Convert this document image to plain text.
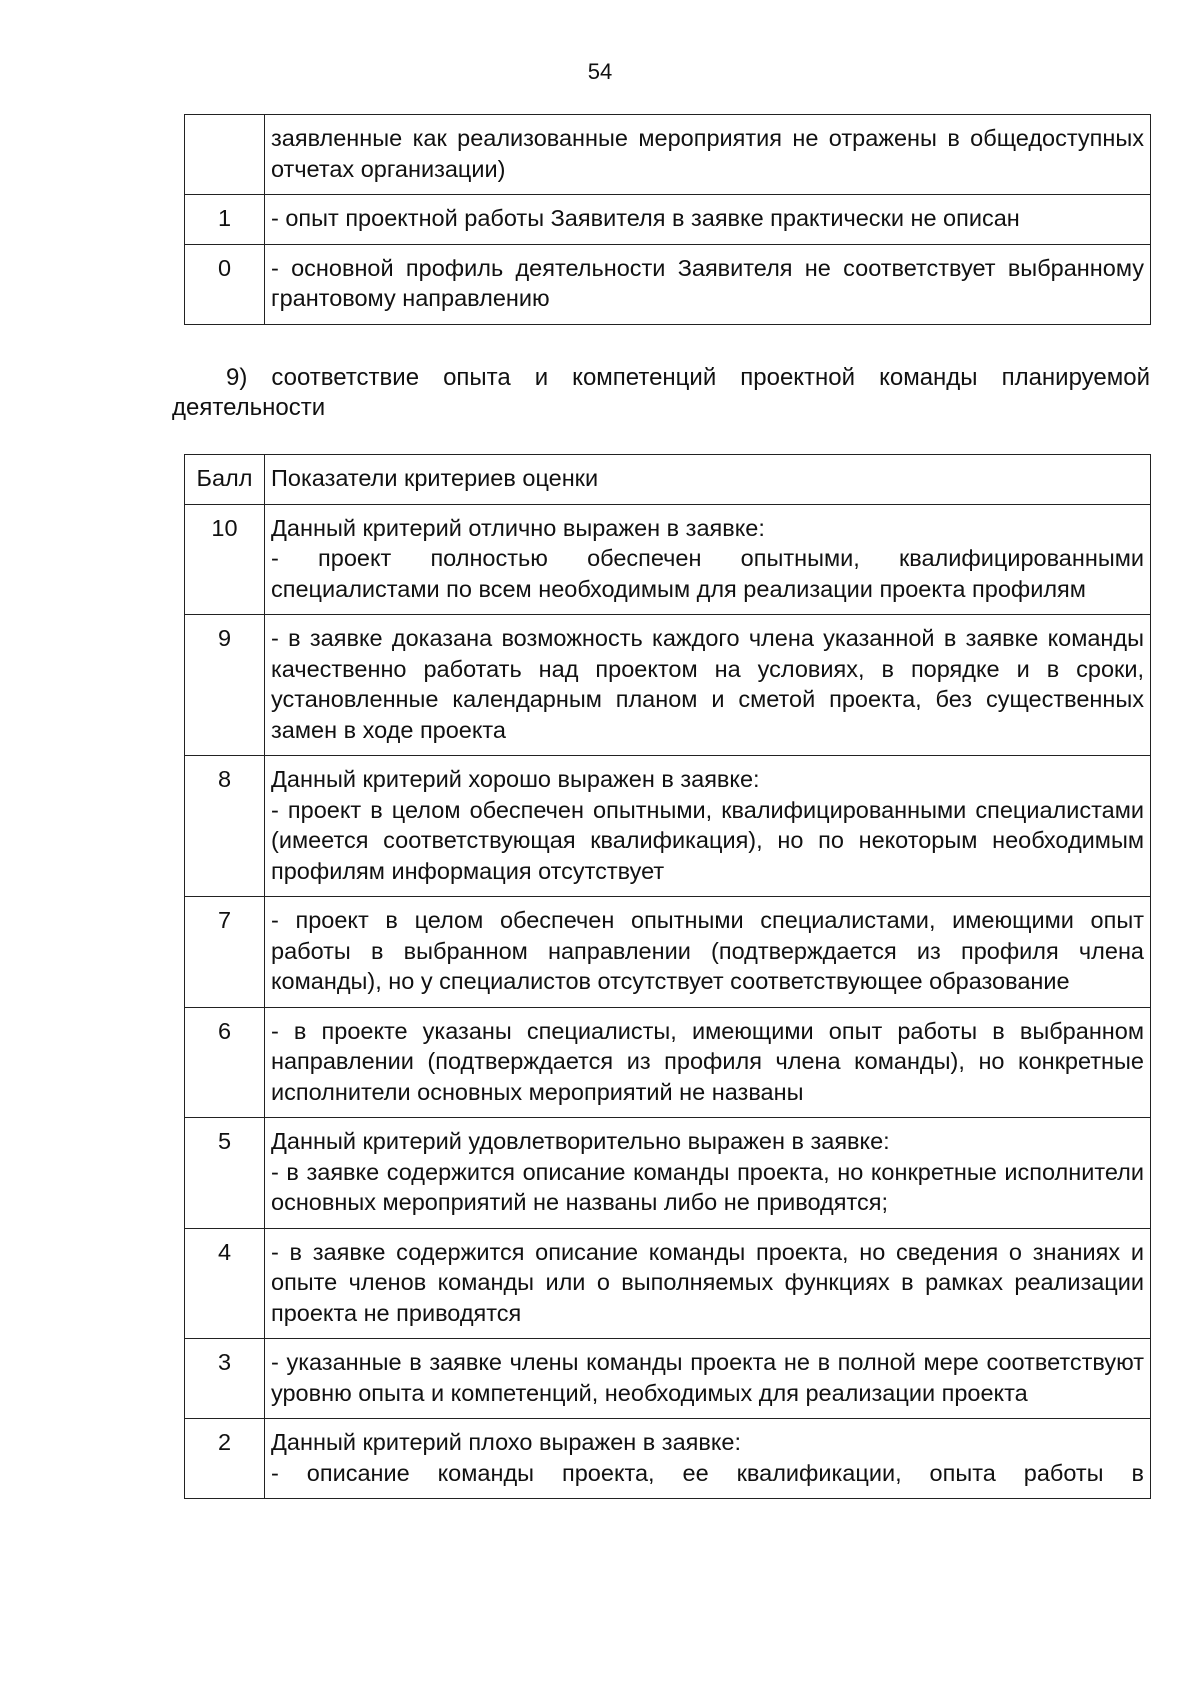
54
	заявленные как реализованные мероприятия не отражены в общедоступных отчетах организации)
1	- опыт проектной работы Заявителя в заявке практически не описан
0	- основной профиль деятельности Заявителя не соответствует выбранному грантовому направлению
9) соответствие опыта и компетенций проектной команды планируемой деятельности
Балл	Показатели критериев оценки
10	Данный критерий отлично выражен в заявке:
- проект полностью обеспечен опытными, квалифицированными специалистами по всем необходимым для реализации проекта профилям

9	- в заявке доказана возможность каждого члена указанной в заявке команды качественно работать над проектом на условиях, в порядке и в сроки, установленные календарным планом и сметой проекта, без существенных замен в ходе проекта

8	Данный критерий хорошо выражен в заявке:
- проект в целом обеспечен опытными, квалифицированными специалистами (имеется соответствующая квалификация), но по некоторым необходимым профилям информация отсутствует

7	- проект в целом обеспечен опытными специалистами, имеющими опыт работы в выбранном направлении (подтверждается из профиля члена команды), но у специалистов отсутствует соответствующее образование

6	- в проекте указаны специалисты, имеющими опыт работы в выбранном направлении (подтверждается из профиля члена команды), но конкретные исполнители основных мероприятий не названы

5	Данный критерий удовлетворительно выражен в заявке:
- в заявке содержится описание команды проекта, но конкретные исполнители основных мероприятий не названы либо не приводятся;

4	- в заявке содержится описание команды проекта, но сведения о знаниях и опыте членов команды или о выполняемых функциях в рамках реализации проекта не приводятся

3	- указанные в заявке члены команды проекта не в полной мере соответствуют уровню опыта и компетенций, необходимых для реализации проекта

2	Данный критерий плохо выражен в заявке:
- описание команды проекта, ее квалификации, опыта работы в
